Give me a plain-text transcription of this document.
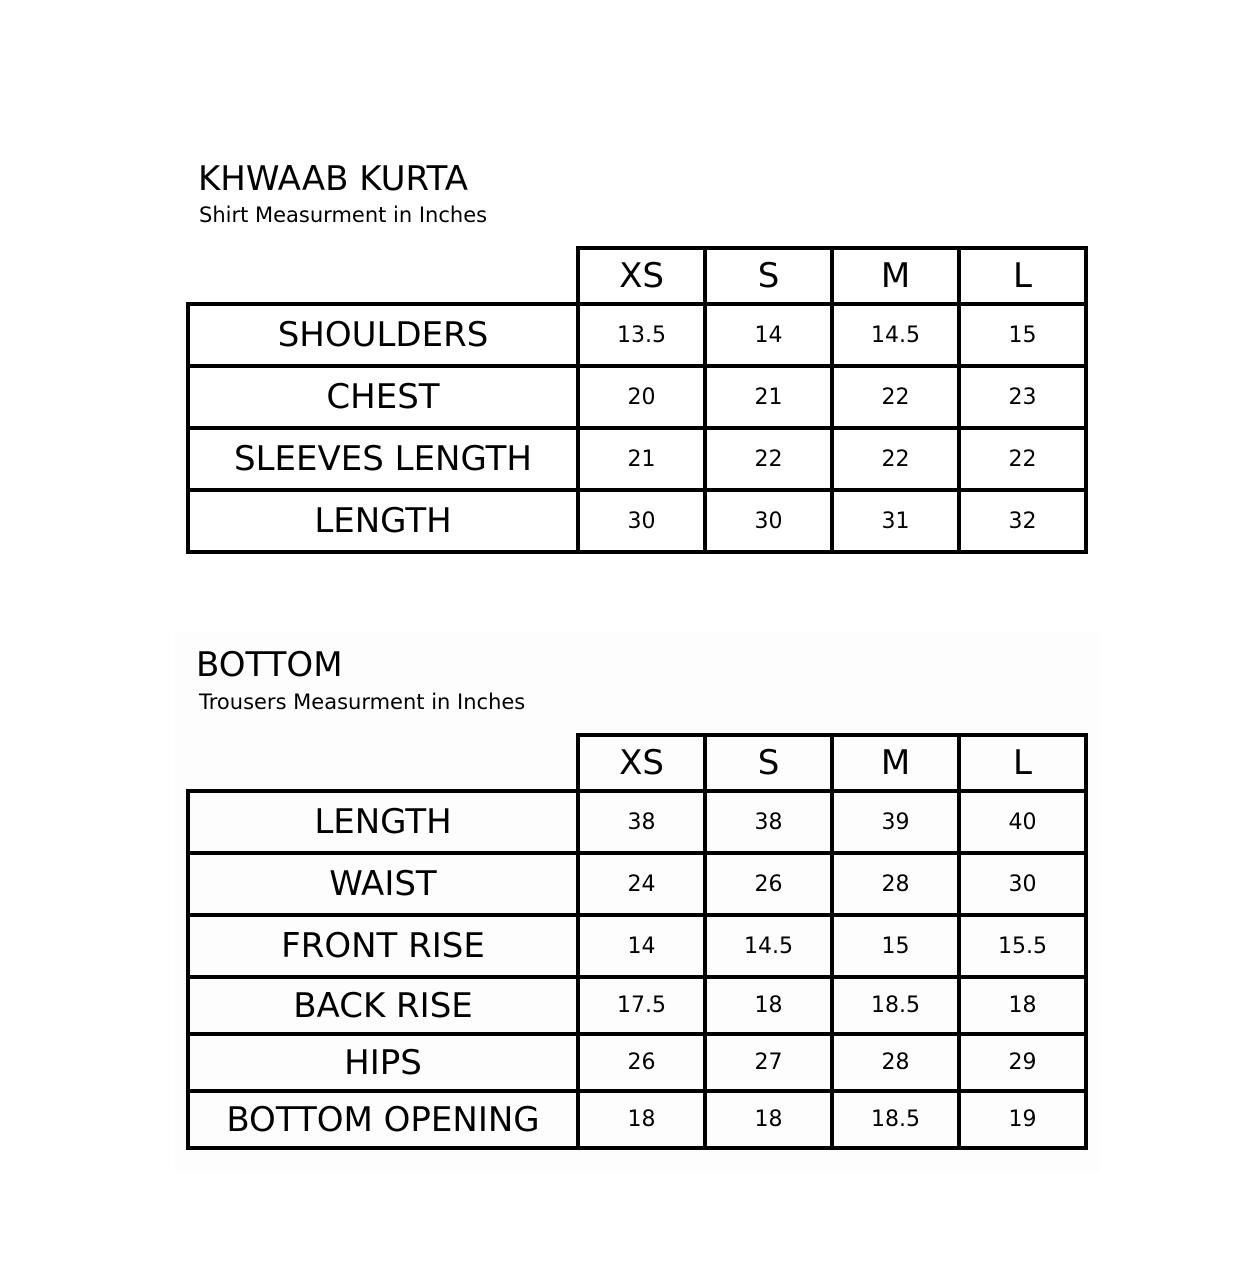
KHWAAB KURTA

Shirt Measurment in Inches

	XS	S	M	L
SHOULDERS	13.5	14	14.5	15
CHEST	20	21	22	23
SLEEVES LENGTH	21	22	22	22
LENGTH	30	30	31	32
BOTTOM

Trousers Measurment in Inches

	XS	S	M	L
LENGTH	38	38	39	40
WAIST	24	26	28	30
FRONT RISE	14	14.5	15	15.5
BACK RISE	17.5	18	18.5	18
HIPS	26	27	28	29
BOTTOM OPENING	18	18	18.5	19
